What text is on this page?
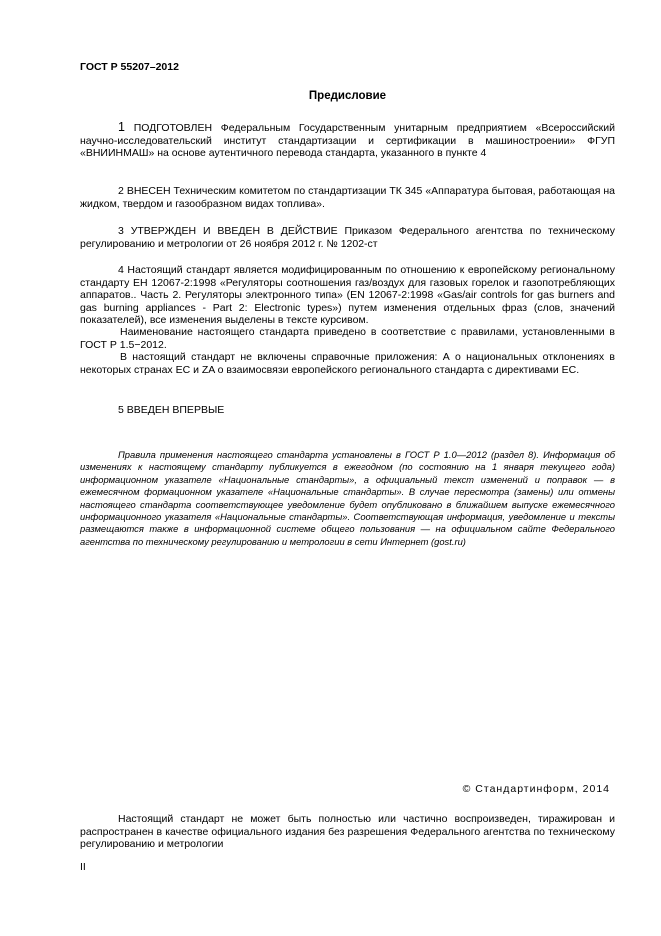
ГОСТ Р 55207–2012
Предисловие
1 ПОДГОТОВЛЕН Федеральным Государственным унитарным предприятием «Всероссийский научно-исследовательский институт стандартизации и сертификации в машиностроении» ФГУП «ВНИИНМАШ» на основе аутентичного перевода стандарта, указанного в пункте 4
2 ВНЕСЕН Техническим комитетом по стандартизации ТК 345 «Аппаратура бытовая, работающая на жидком, твердом и газообразном видах топлива».
3 УТВЕРЖДЕН И ВВЕДЕН В ДЕЙСТВИЕ Приказом Федерального агентства по техническому регулированию и метрологии от 26 ноября 2012 г. № 1202-ст
4 Настоящий стандарт является модифицированным по отношению к европейскому региональному стандарту ЕН 12067-2:1998 «Регуляторы соотношения газ/воздух для газовых горелок и газопотребляющих аппаратов.. Часть 2. Регуляторы электронного типа» (EN 12067-2:1998 «Gas/air controls for gas burners and gas burning appliances - Part 2: Electronic types») путем изменения отдельных фраз (слов, значений показателей), все изменения выделены в тексте курсивом.
Наименование настоящего стандарта приведено в соответствие с правилами, установленными в ГОСТ Р 1.5−2012.
В настоящий стандарт не включены справочные приложения: А о национальных отклонениях в некоторых странах ЕС и ZA о взаимосвязи европейского регионального стандарта с директивами ЕС.
5 ВВЕДЕН ВПЕРВЫЕ
Правила применения настоящего стандарта установлены в ГОСТ Р 1.0—2012 (раздел 8). Информация об изменениях к настоящему стандарту публикуется в ежегодном (по состоянию на 1 января текущего года) информационном указателе «Национальные стандарты», а официальный текст изменений и поправок — в ежемесячном формационном указателе «Национальные стандарты». В случае пересмотра (замены) или отмены настоящего стандарта соответствующее уведомление будет опубликовано в ближайшем выпуске ежемесячного информационного указателя «Национальные стандарты». Соответствующая информация, уведомление и тексты размещаются также в информационной системе общего пользования — на официальном сайте Федерального агентства по техническому регулированию и метрологии в сети Интернет (gost.ru)
© Стандартинформ, 2014
Настоящий стандарт не может быть полностью или частично воспроизведен, тиражирован и распространен в качестве официального издания без разрешения Федерального агентства по техническому регулированию и метрологии
II
